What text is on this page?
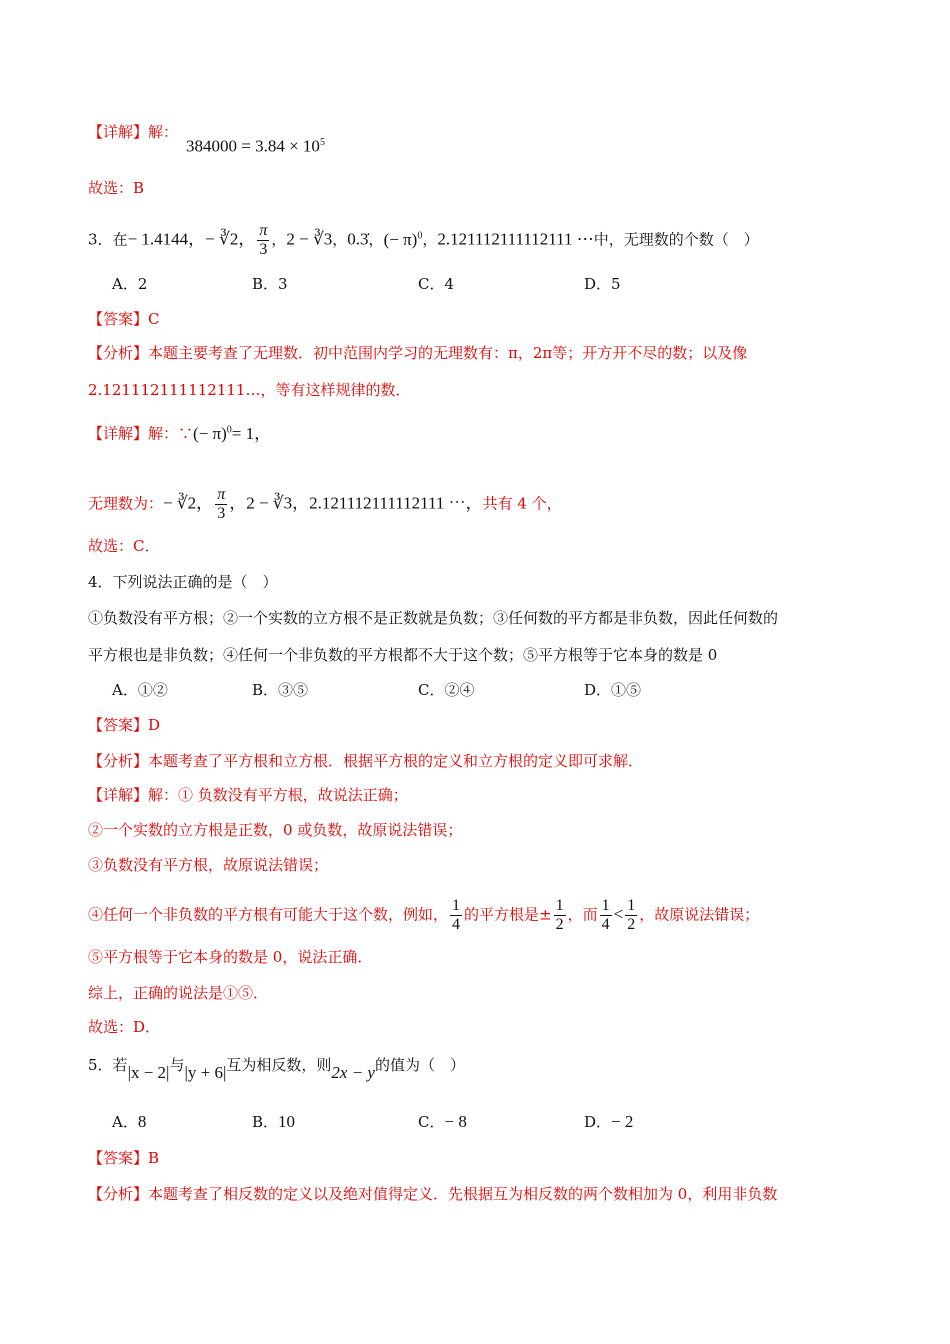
【详解】解：
$384000 = 3.84 \times 10^5$
故选：B
3．在− 1.4144，− ∛2， $\frac{\pi}{3}$ ，2 − ∛3，0.3̇，(− π)$^0$，2.121112111112111 ⋯中，无理数的个数（　）
A．2	B．3	C．4	D．5
【答案】C
【分析】本题主要考查了无理数．初中范围内学习的无理数有：π，2π等；开方开不尽的数；以及像
2.121112111112111…，等有这样规律的数．
【详解】解：∵(− π)$^0$= 1，
无理数为：− ∛2， $\frac{\pi}{3}$ ，2 − ∛3，2.121112111112111 ⋯，共有 4 个，
故选：C．
4．下列说法正确的是（　）
①负数没有平方根；②一个实数的立方根不是正数就是负数；③任何数的平方都是非负数，因此任何数的
平方根也是非负数；④任何一个非负数的平方根都不大于这个数；⑤平方根等于它本身的数是 0
A．①②	B．③⑤	C．②④	D．①⑤
【答案】D
【分析】本题考查了平方根和立方根．根据平方根的定义和立方根的定义即可求解．
【详解】解：① 负数没有平方根，故说法正确；
②一个实数的立方根是正数，0 或负数，故原说法错误；
③负数没有平方根，故原说法错误；
④任何一个非负数的平方根有可能大于这个数，例如， $\frac{1}{4}$ 的平方根是± $\frac{1}{2}$ ，而 $\frac{1}{4} < \frac{1}{2}$ ，故原说法错误；
⑤平方根等于它本身的数是 0，说法正确．
综上，正确的说法是①⑤．
故选：D．
5．若|x − 2|与|y + 6|互为相反数，则2x − y的值为（　）
A．8	B．10	C．− 8	D．− 2
【答案】B
【分析】本题考查了相反数的定义以及绝对值得定义．先根据互为相反数的两个数相加为 0，利用非负数
